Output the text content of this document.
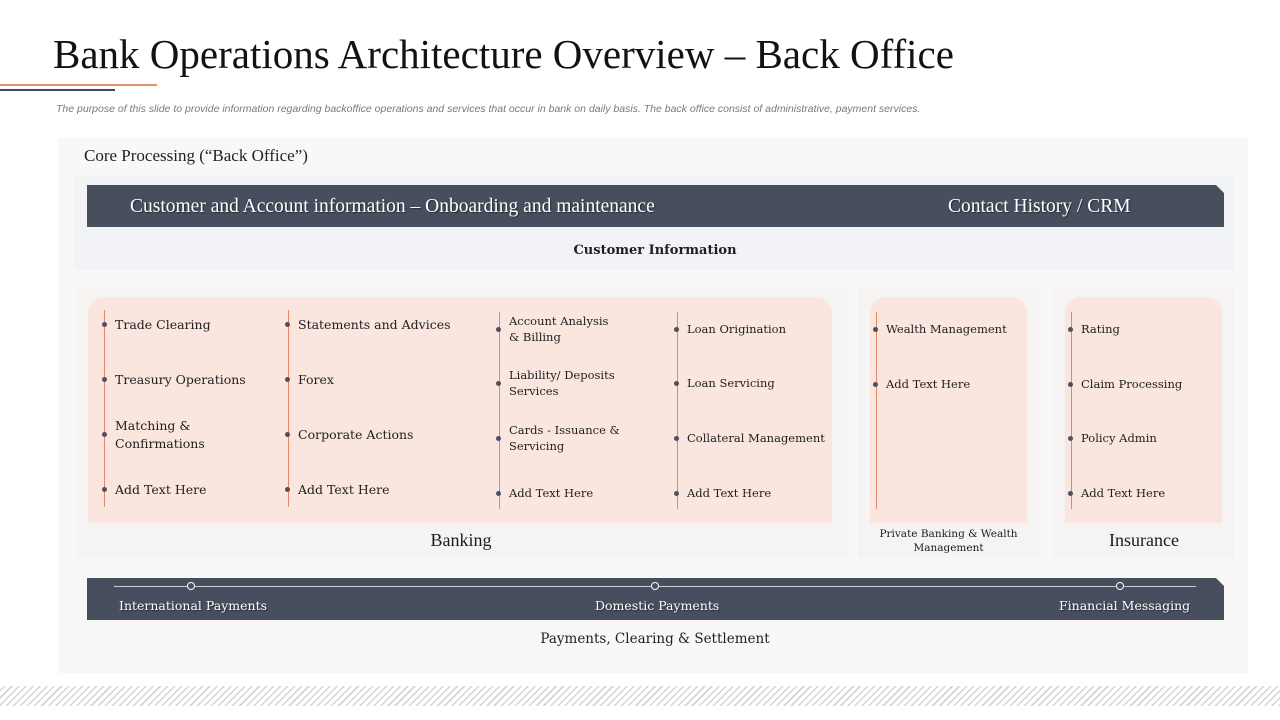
Bank Operations Architecture Overview – Back Office
The purpose of this slide to provide information regarding backoffice operations and services that occur in bank on daily basis. The back office consist of administrative, payment services.
Core Processing (“Back Office”)
Customer and Account information – Onboarding and maintenance	Contact History / CRM
Customer Information
Trade Clearing
Treasury Operations
Matching & Confirmations
Add Text Here
Statements and Advices
Forex
Corporate Actions
Add Text Here
Account Analysis & Billing
Liability/ Deposits Services
Cards - Issuance & Servicing
Add Text Here
Loan Origination
Loan Servicing
Collateral Management
Add Text Here
Banking
Wealth Management
Add Text Here
Private Banking & Wealth Management
Rating
Claim Processing
Policy Admin
Add Text Here
Insurance
International Payments	Domestic Payments	Financial Messaging
Payments, Clearing & Settlement
